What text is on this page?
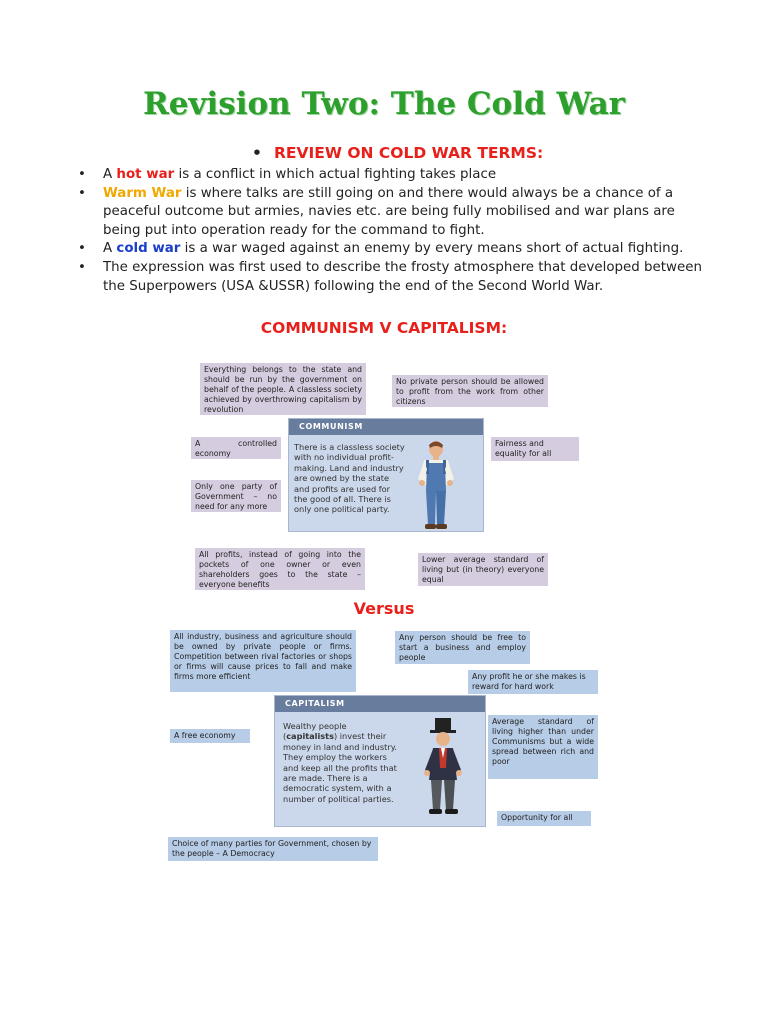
Revision Two: The Cold War
• REVIEW ON COLD WAR TERMS:
• A hot war is a conflict in which actual fighting takes place
• Warm War is where talks are still going on and there would always be a chance of a peaceful outcome but armies, navies etc. are being fully mobilised and war plans are being put into operation ready for the command to fight.
• A cold war is a war waged against an enemy by every means short of actual fighting.
• The expression was first used to describe the frosty atmosphere that developed between the Superpowers (USA &USSR) following the end of the Second World War.
COMMUNISM V CAPITALISM:
Everything belongs to the state and should be run by the government on behalf of the people. A classless society achieved by overthrowing capitalism by revolution
No private person should be allowed to profit from the work from other citizens
COMMUNISM
There is a classless society with no individual profit-making. Land and industry are owned by the state and profits are used for the good of all. There is only one political party.
A controlled economy
Fairness and equality for all
Only one party of Government – no need for any more
All profits, instead of going into the pockets of one owner or even shareholders goes to the state – everyone benefits
Lower average standard of living but (in theory) everyone equal
Versus
All industry, business and agriculture should be owned by private people or firms. Competition between rival factories or shops or firms will cause prices to fall and make firms more efficient
Any person should be free to start a business and employ people
Any profit he or she makes is reward for hard work
CAPITALISM
Wealthy people (capitalists) invest their money in land and industry. They employ the workers and keep all the profits that are made. There is a democratic system, with a number of political parties.
A free economy
Average standard of living higher than under Communisms but a wide spread between rich and poor
Opportunity for all
Choice of many parties for Government, chosen by the people – A Democracy
